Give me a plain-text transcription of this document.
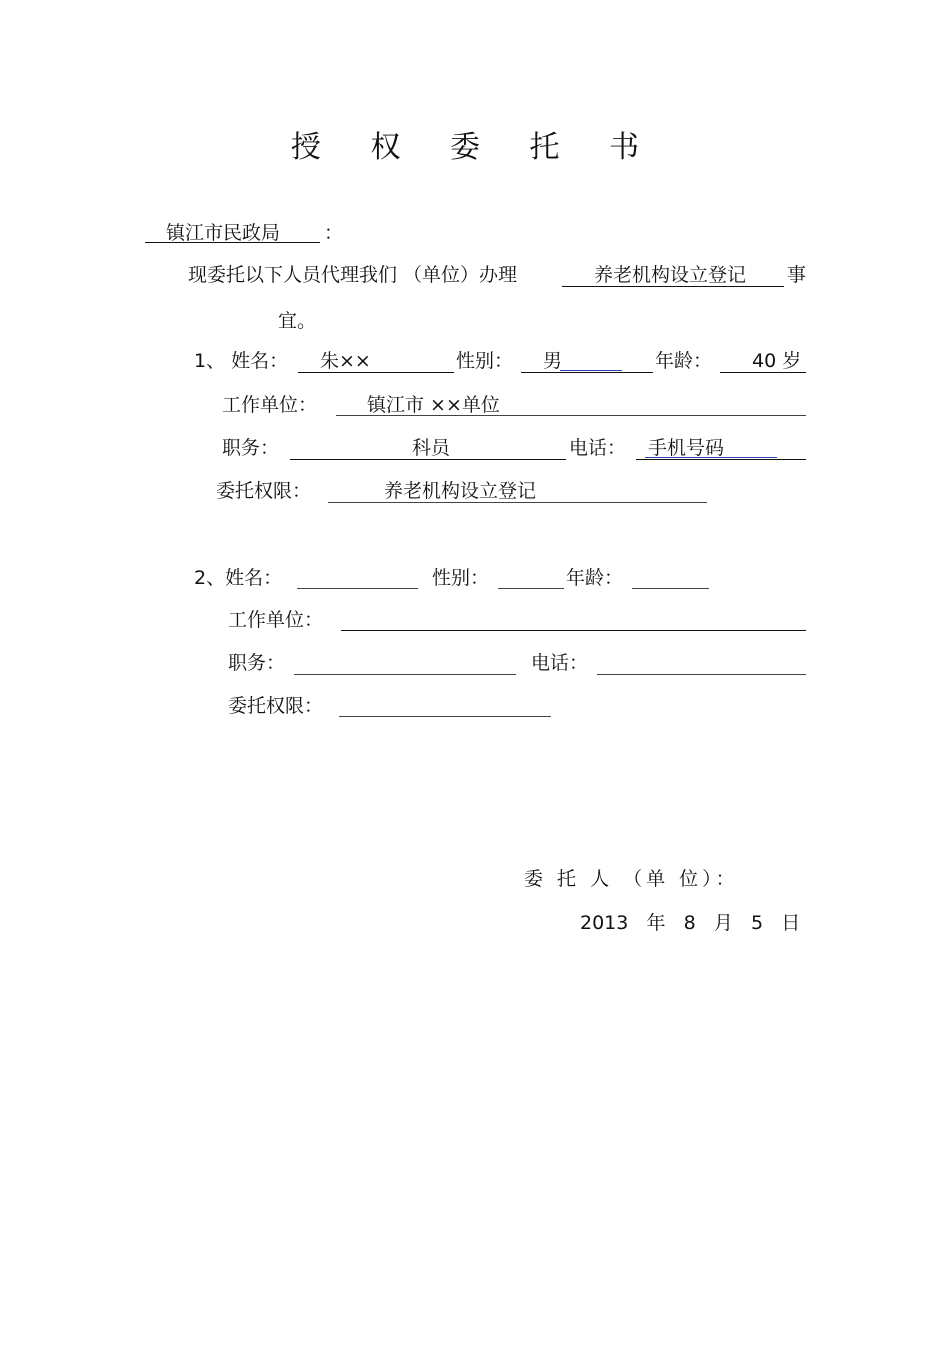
授 权 委 托 书
镇江市民政局 ：
现委托以下人员代理我们 （单位）办理	养老机构设立登记 事
宜。
1、 姓名： 朱××	性别： 男	年龄： 40 岁
工作单位：	镇江市 ××单位
职务：	科员	电话： 手机号码
委托权限：	养老机构设立登记
2、姓名：	性别：	年龄：
工作单位：
职务：	电话：
委托权限：
委 托 人 （单 位）：
2013 年 8 月 5 日
